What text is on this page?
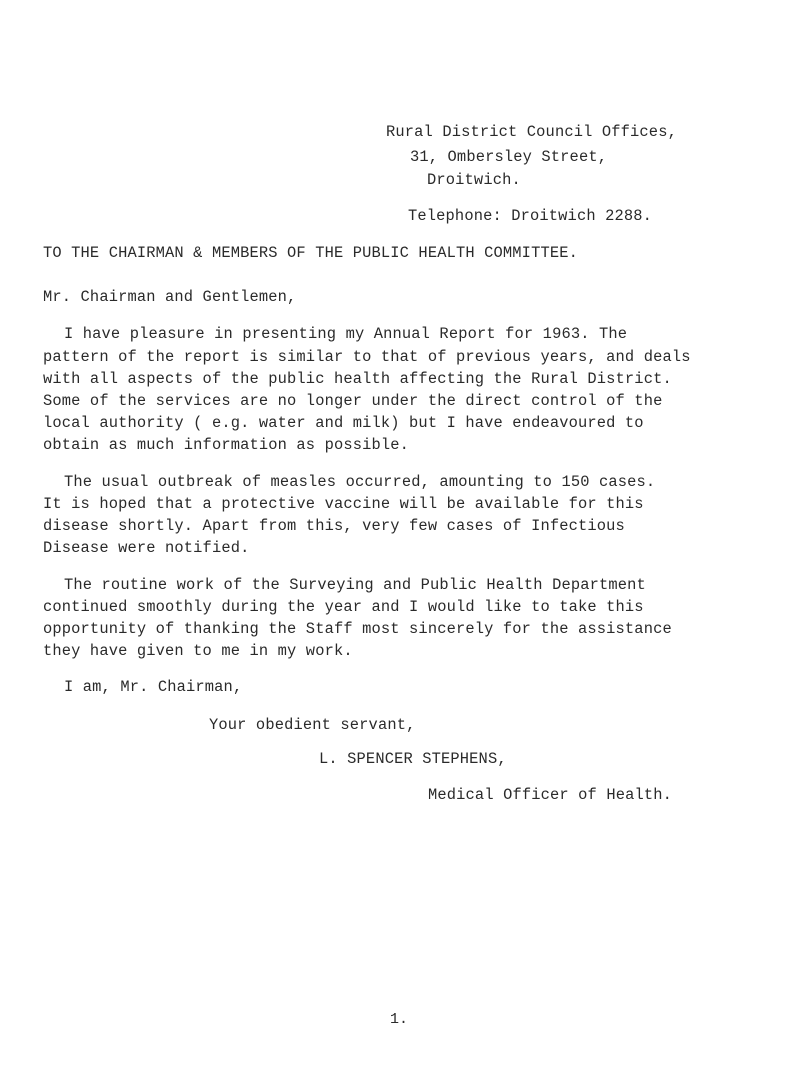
Rural District Council Offices,
31, Ombersley Street,
Droitwich.
Telephone: Droitwich 2288.
TO THE CHAIRMAN & MEMBERS OF THE PUBLIC HEALTH COMMITTEE.
Mr. Chairman and Gentlemen,
I have pleasure in presenting my Annual Report for 1963. The
pattern of the report is similar to that of previous years, and deals
with all aspects of the public health affecting the Rural District.
Some of the services are no longer under the direct control of the
local authority ( e.g. water and milk) but I have endeavoured to
obtain as much information as possible.
The usual outbreak of measles occurred, amounting to 150 cases.
It is hoped that a protective vaccine will be available for this
disease shortly. Apart from this, very few cases of Infectious
Disease were notified.
The routine work of the Surveying and Public Health Department
continued smoothly during the year and I would like to take this
opportunity of thanking the Staff most sincerely for the assistance
they have given to me in my work.
I am, Mr. Chairman,
Your obedient servant,
L. SPENCER STEPHENS,
Medical Officer of Health.
1.
